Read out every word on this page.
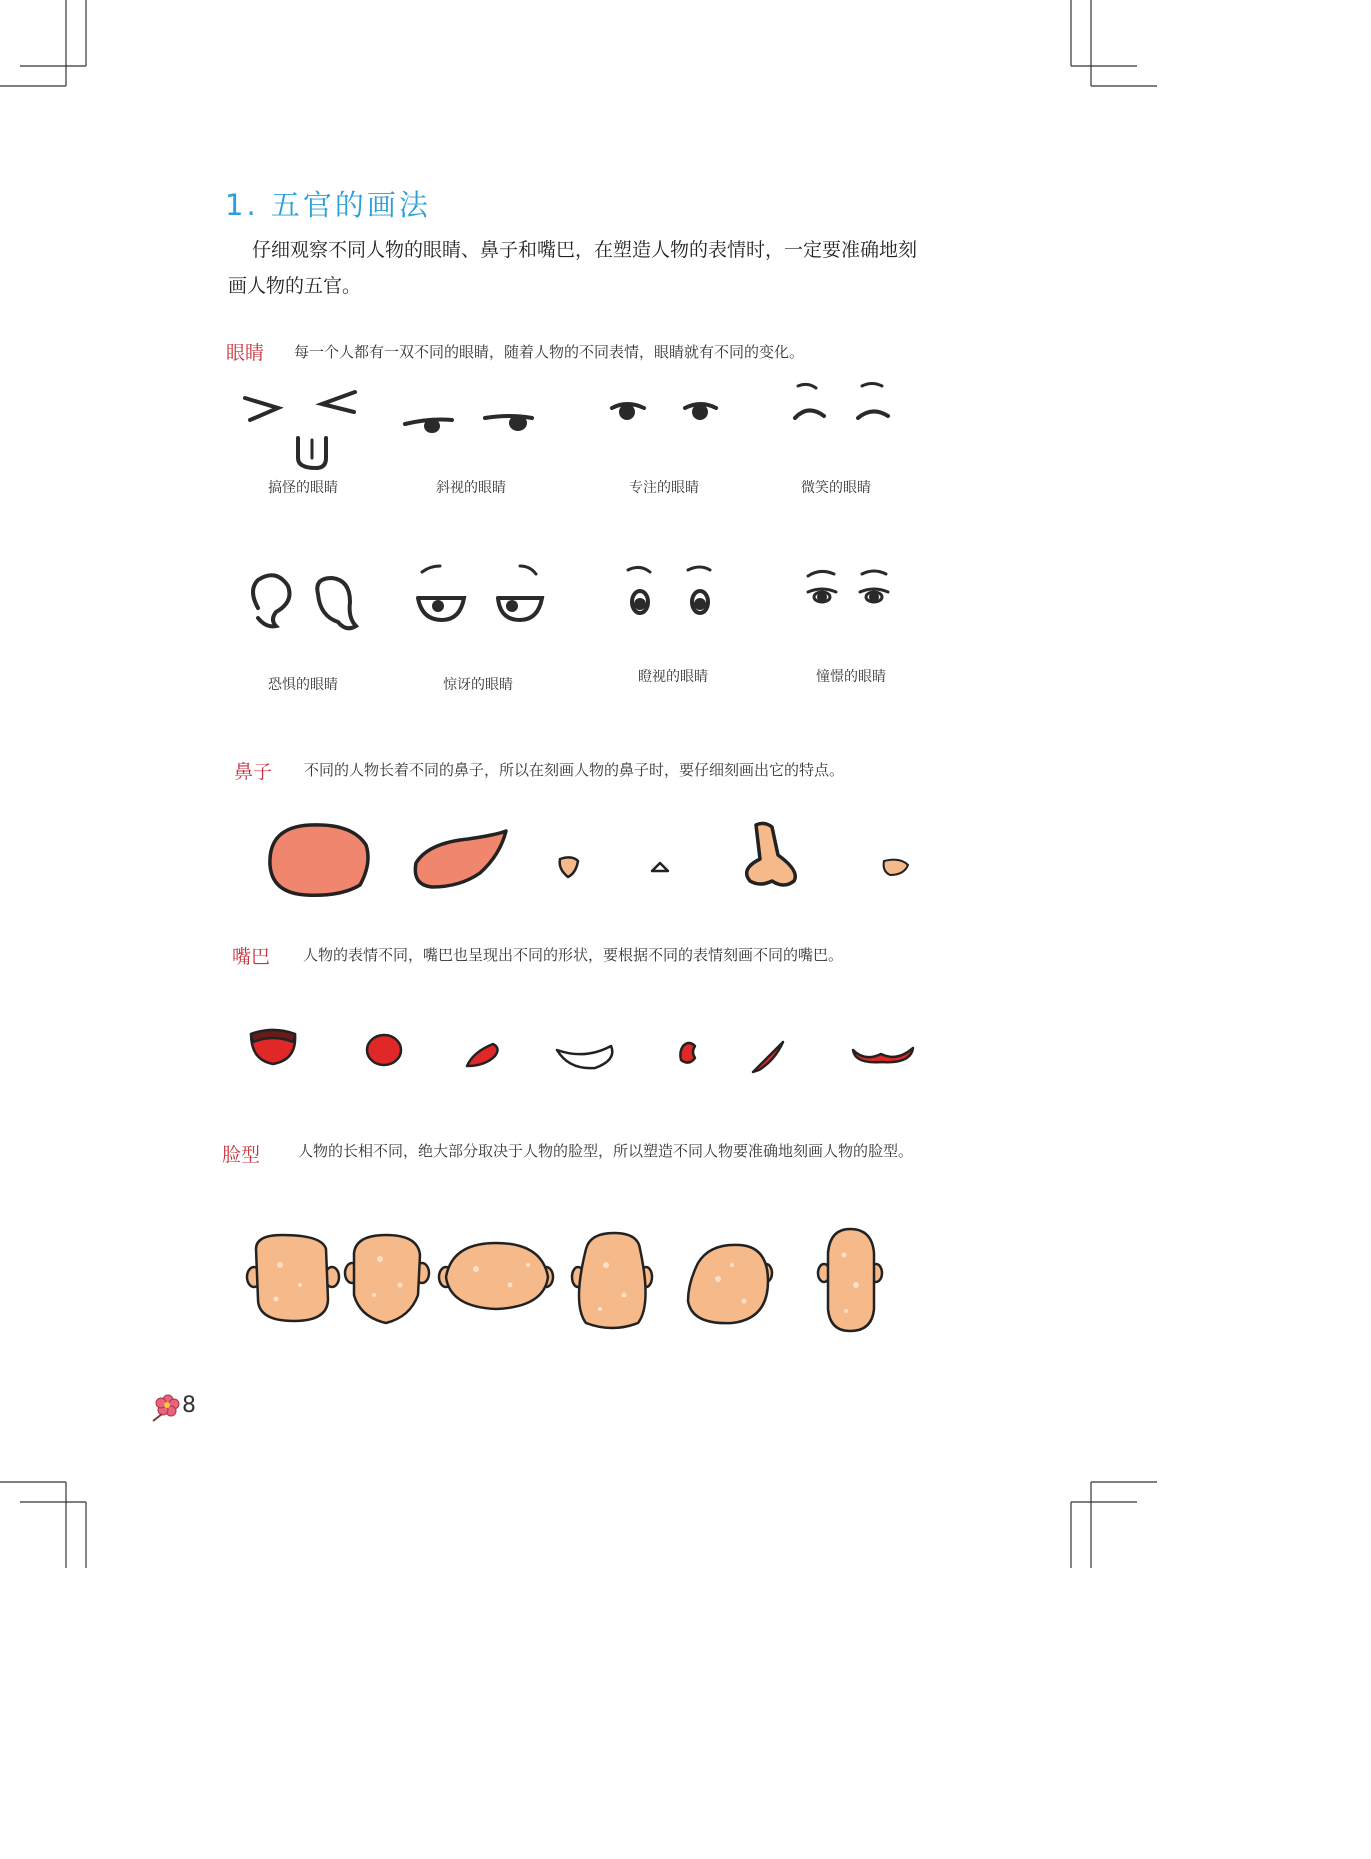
1. 五官的画法
仔细观察不同人物的眼睛、鼻子和嘴巴，在塑造人物的表情时，一定要准确地刻画人物的五官。
眼睛 每一个人都有一双不同的眼睛，随着人物的不同表情，眼睛就有不同的变化。
搞怪的眼睛	斜视的眼睛	专注的眼睛	微笑的眼睛
恐惧的眼睛	惊讶的眼睛	瞪视的眼睛	憧憬的眼睛
鼻子 不同的人物长着不同的鼻子，所以在刻画人物的鼻子时，要仔细刻画出它的特点。
嘴巴 人物的表情不同，嘴巴也呈现出不同的形状，要根据不同的表情刻画不同的嘴巴。
脸型	人物的长相不同，绝大部分取决于人物的脸型，所以塑造不同人物要准确地刻画人物的脸型。
8
